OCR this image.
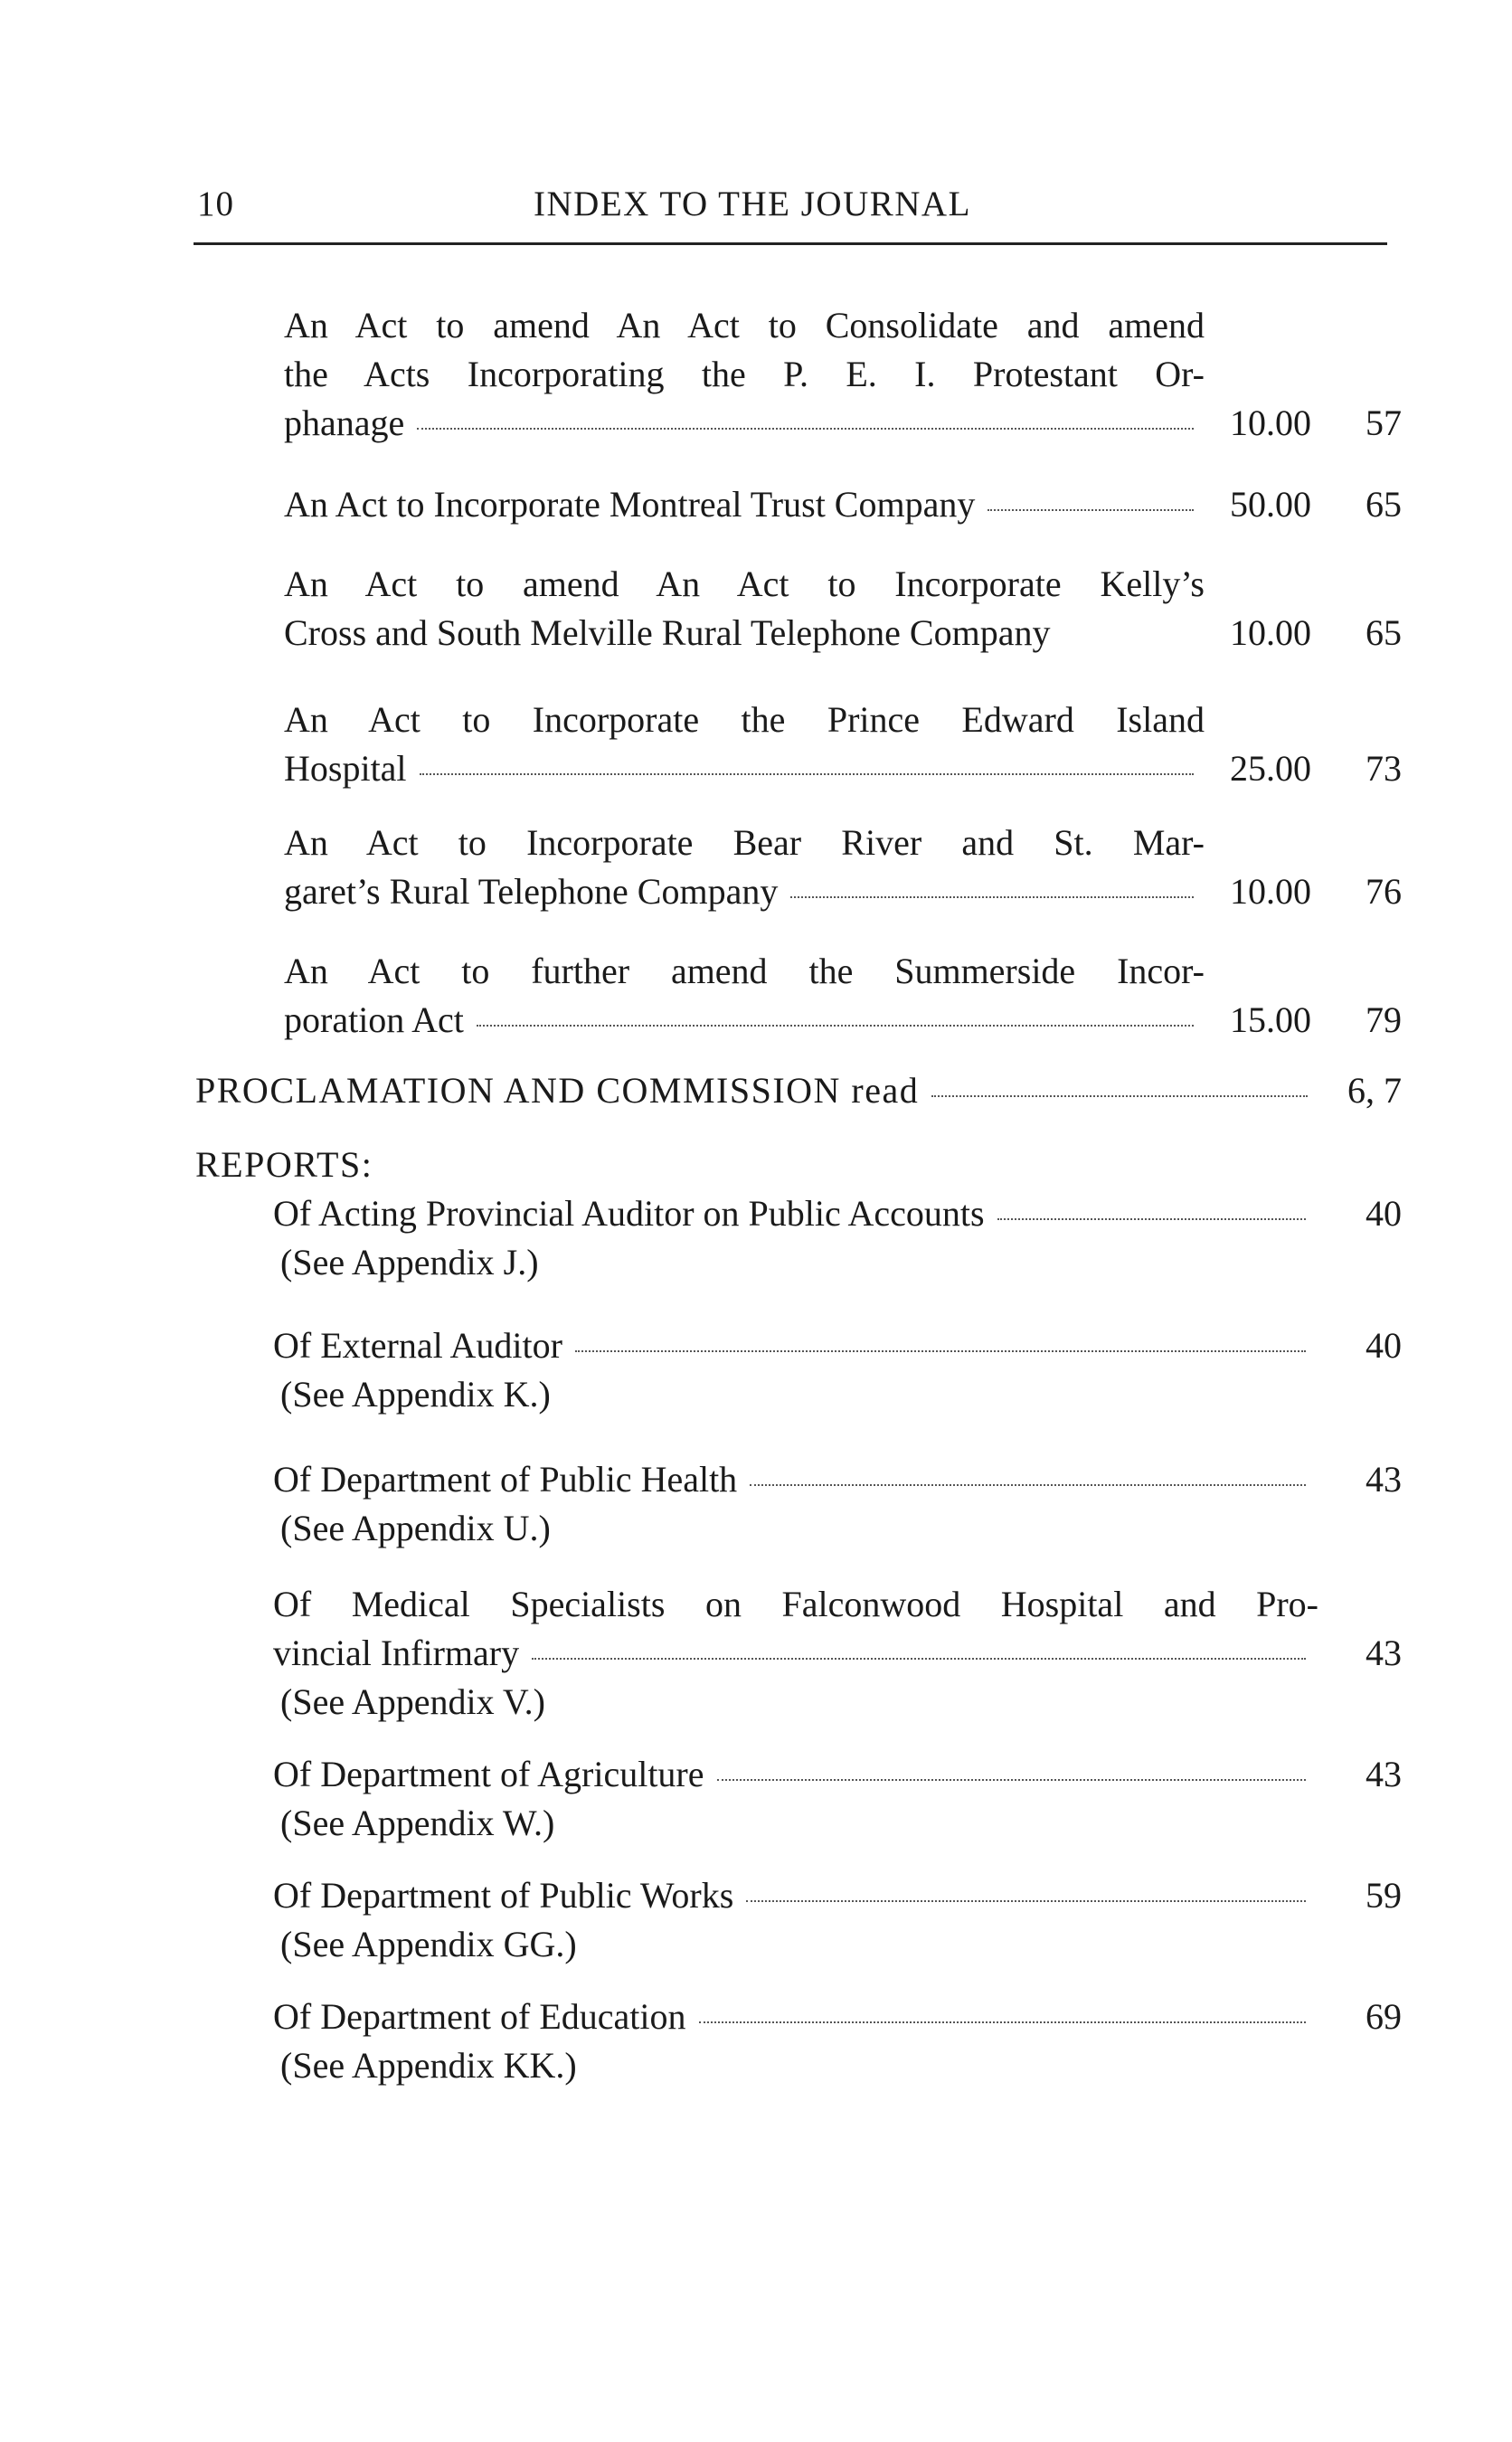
10	INDEX TO THE JOURNAL
An Act to amend An Act to Consolidate and amend
the Acts Incorporating the P. E. I. Protestant Or-
phanage	10.00	57
An Act to Incorporate Montreal Trust Company	50.00	65
An Act to amend An Act to Incorporate Kelly’s
Cross and South Melville Rural Telephone Company	10.00	65
An Act to Incorporate the Prince Edward Island
Hospital	25.00	73
An Act to Incorporate Bear River and St. Mar-
garet’s Rural Telephone Company	10.00	76
An Act to further amend the Summerside Incor-
poration Act	15.00	79
PROCLAMATION AND COMMISSION read	6, 7
REPORTS:
Of Acting Provincial Auditor on Public Accounts	40
(See Appendix J.)
Of External Auditor	40
(See Appendix K.)
Of Department of Public Health	43
(See Appendix U.)
Of Medical Specialists on Falconwood Hospital and Pro-
vincial Infirmary	43
(See Appendix V.)
Of Department of Agriculture	43
(See Appendix W.)
Of Department of Public Works	59
(See Appendix GG.)
Of Department of Education	69
(See Appendix KK.)
